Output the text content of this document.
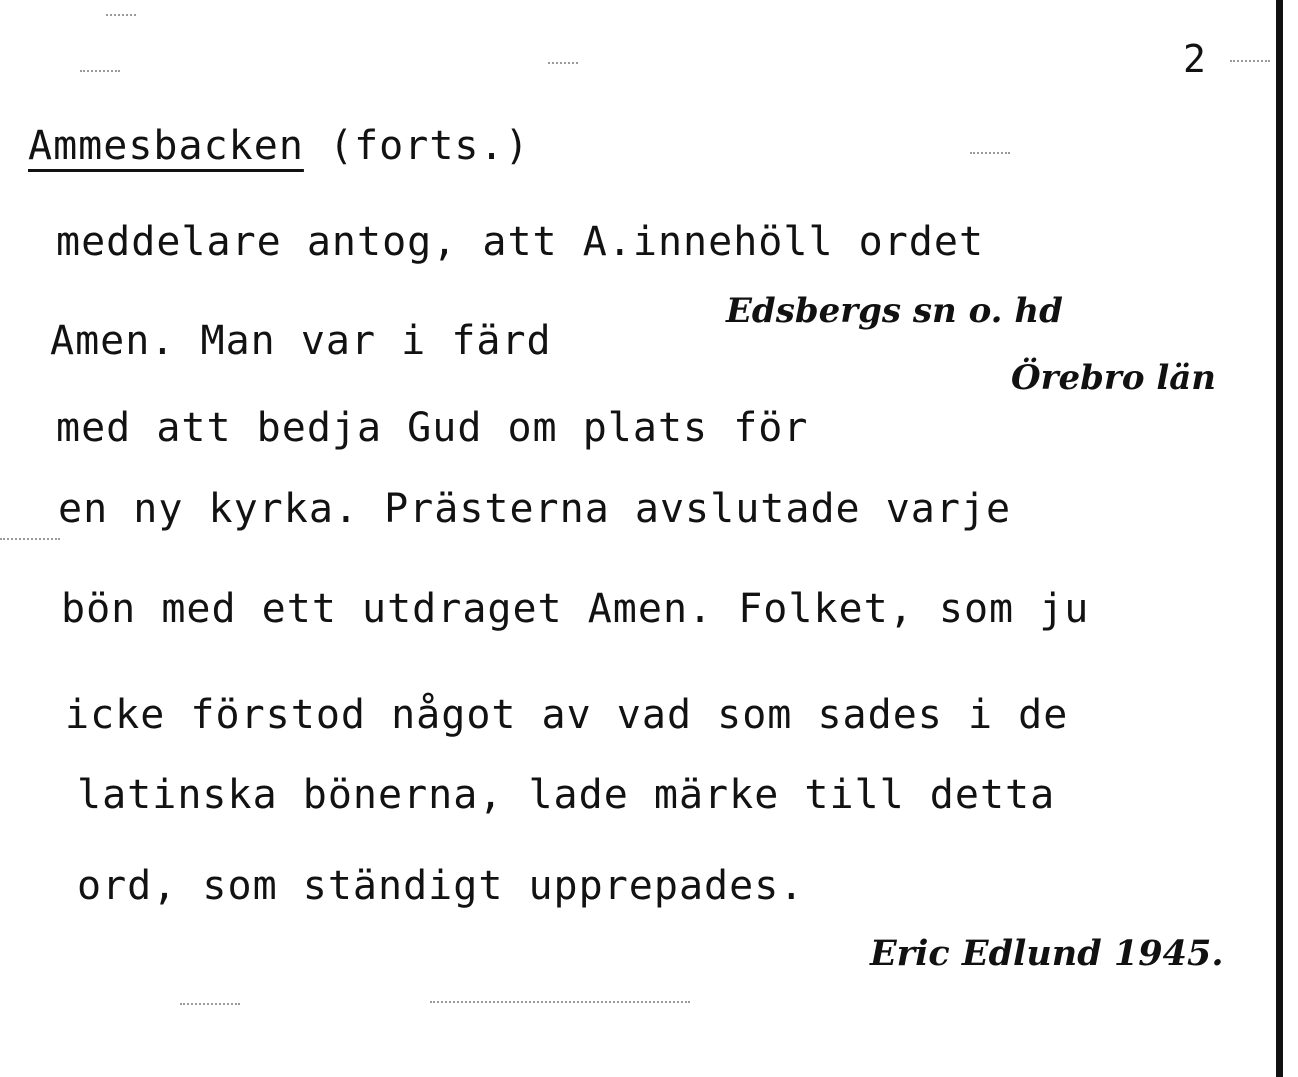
2
Ammesbacken (forts.)
meddelare antog, att A.innehöll ordet
Amen. Man var i färd
med att bedja Gud om plats för
en ny kyrka. Prästerna avslutade varje
bön med ett utdraget Amen. Folket, som ju
icke förstod något av vad som sades i de
latinska bönerna, lade märke till detta
ord, som ständigt upprepades.
Edsbergs sn o. hd
Örebro län
Eric Edlund 1945.
